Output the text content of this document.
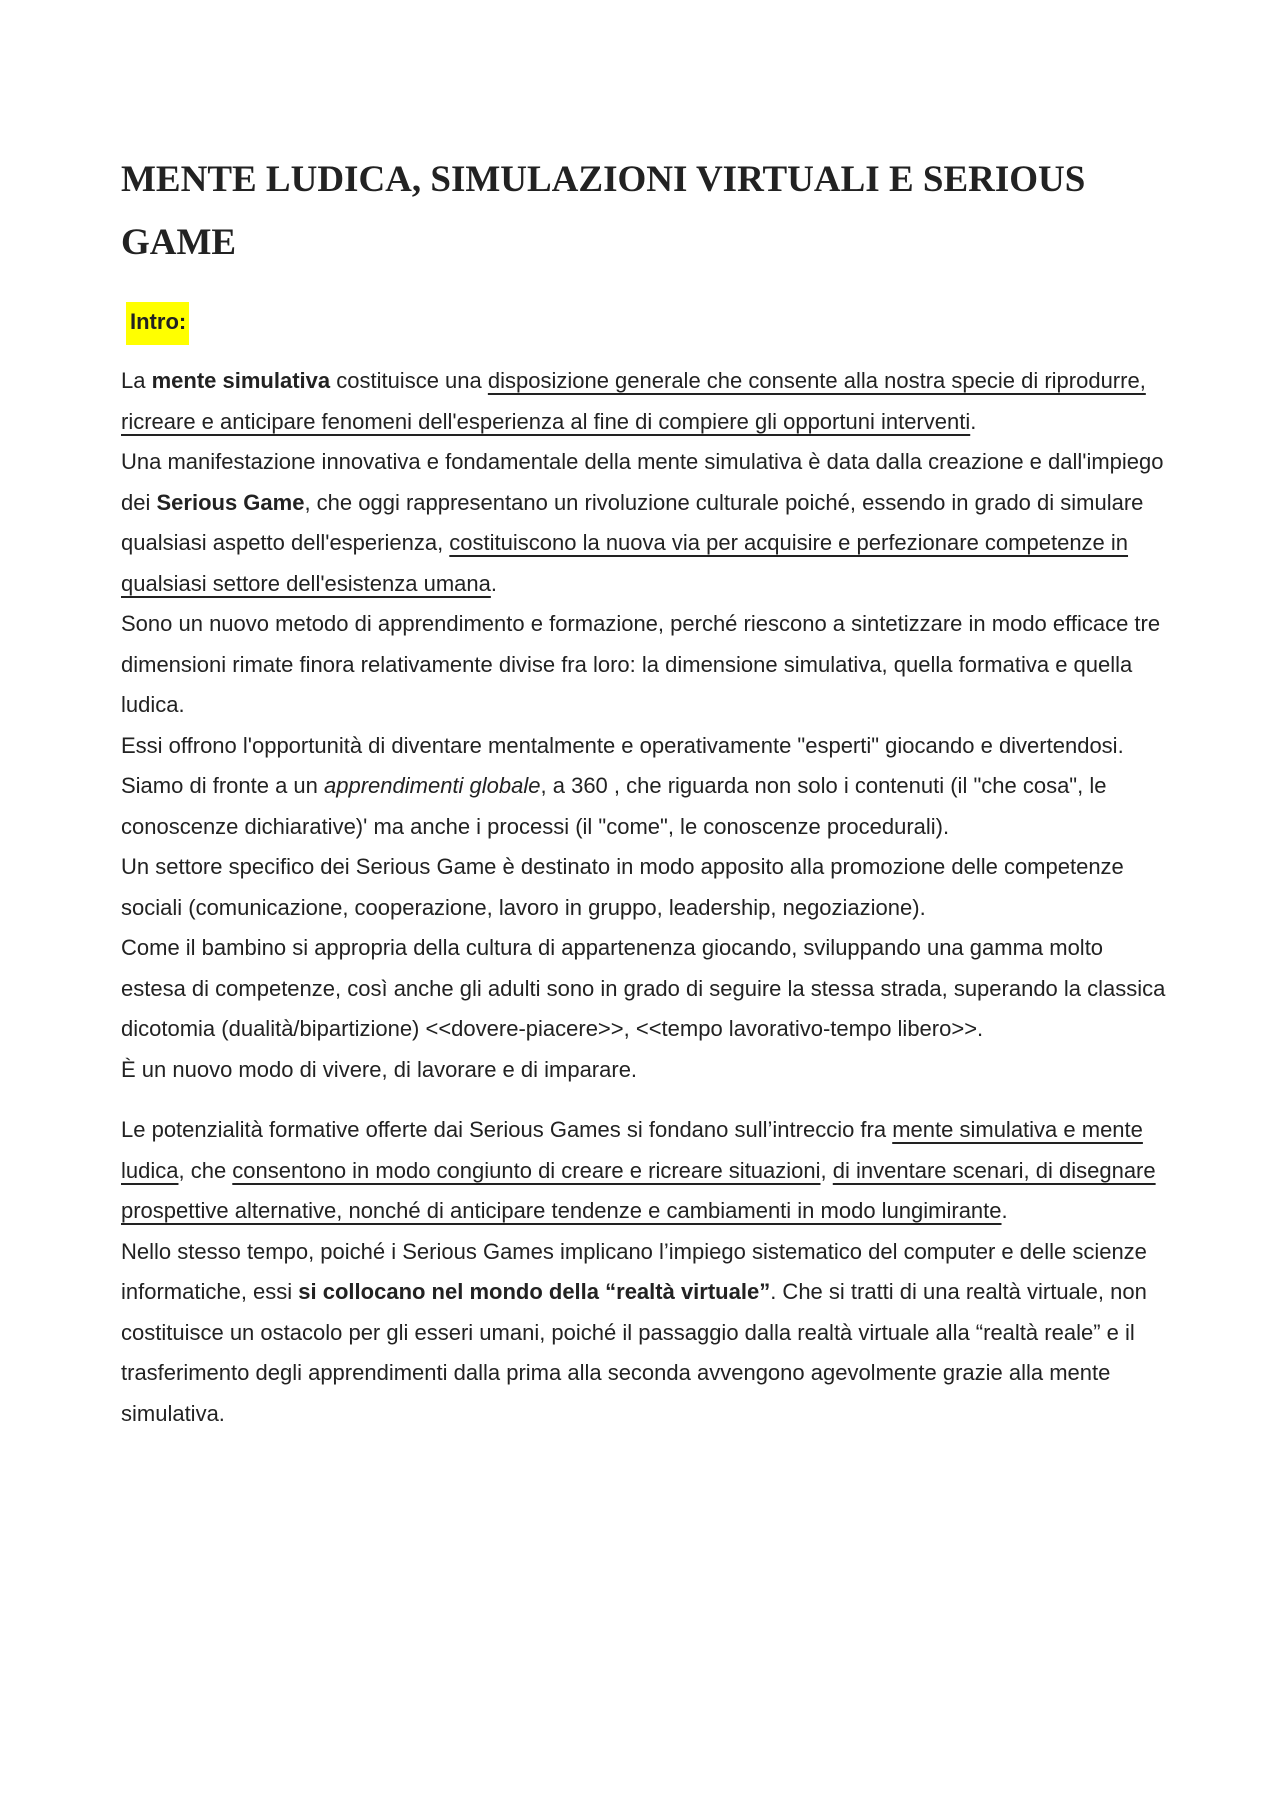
MENTE LUDICA, SIMULAZIONI VIRTUALI E SERIOUS
GAME
Intro:

La mente simulativa costituisce una disposizione generale che consente alla nostra specie di riprodurre, ricreare e anticipare fenomeni dell'esperienza al fine di compiere gli opportuni interventi.

Una manifestazione innovativa e fondamentale della mente simulativa è data dalla creazione e dall'impiego dei Serious Game, che oggi rappresentano un rivoluzione culturale poiché, essendo in grado di simulare qualsiasi aspetto dell'esperienza, costituiscono la nuova via per acquisire e perfezionare competenze in qualsiasi settore dell'esistenza umana.

Sono un nuovo metodo di apprendimento e formazione, perché riescono a sintetizzare in modo efficace tre dimensioni rimate finora relativamente divise fra loro: la dimensione simulativa, quella formativa e quella ludica.

Essi offrono l'opportunità di diventare mentalmente e operativamente "esperti" giocando e divertendosi.

Siamo di fronte a un apprendimenti globale, a 360 , che riguarda non solo i contenuti (il "che cosa", le conoscenze dichiarative)' ma anche i processi (il "come", le conoscenze procedurali).

Un settore specifico dei Serious Game è destinato in modo apposito alla promozione delle competenze sociali (comunicazione, cooperazione, lavoro in gruppo, leadership, negoziazione).

Come il bambino si appropria della cultura di appartenenza giocando, sviluppando una gamma molto estesa di competenze, così anche gli adulti sono in grado di seguire la stessa strada, superando la classica dicotomia (dualità/bipartizione) <<dovere-piacere>>, <<tempo lavorativo-tempo libero>>.

È un nuovo modo di vivere, di lavorare e di imparare.

Le potenzialità formative offerte dai Serious Games si fondano sull’intreccio fra mente simulativa e mente ludica, che consentono in modo congiunto di creare e ricreare situazioni, di inventare scenari, di disegnare prospettive alternative, nonché di anticipare tendenze e cambiamenti in modo lungimirante.

Nello stesso tempo, poiché i Serious Games implicano l’impiego sistematico del computer e delle scienze informatiche, essi si collocano nel mondo della “realtà virtuale”. Che si tratti di una realtà virtuale, non costituisce un ostacolo per gli esseri umani, poiché il passaggio dalla realtà virtuale alla “realtà reale” e il trasferimento degli apprendimenti dalla prima alla seconda avvengono agevolmente grazie alla mente simulativa.
